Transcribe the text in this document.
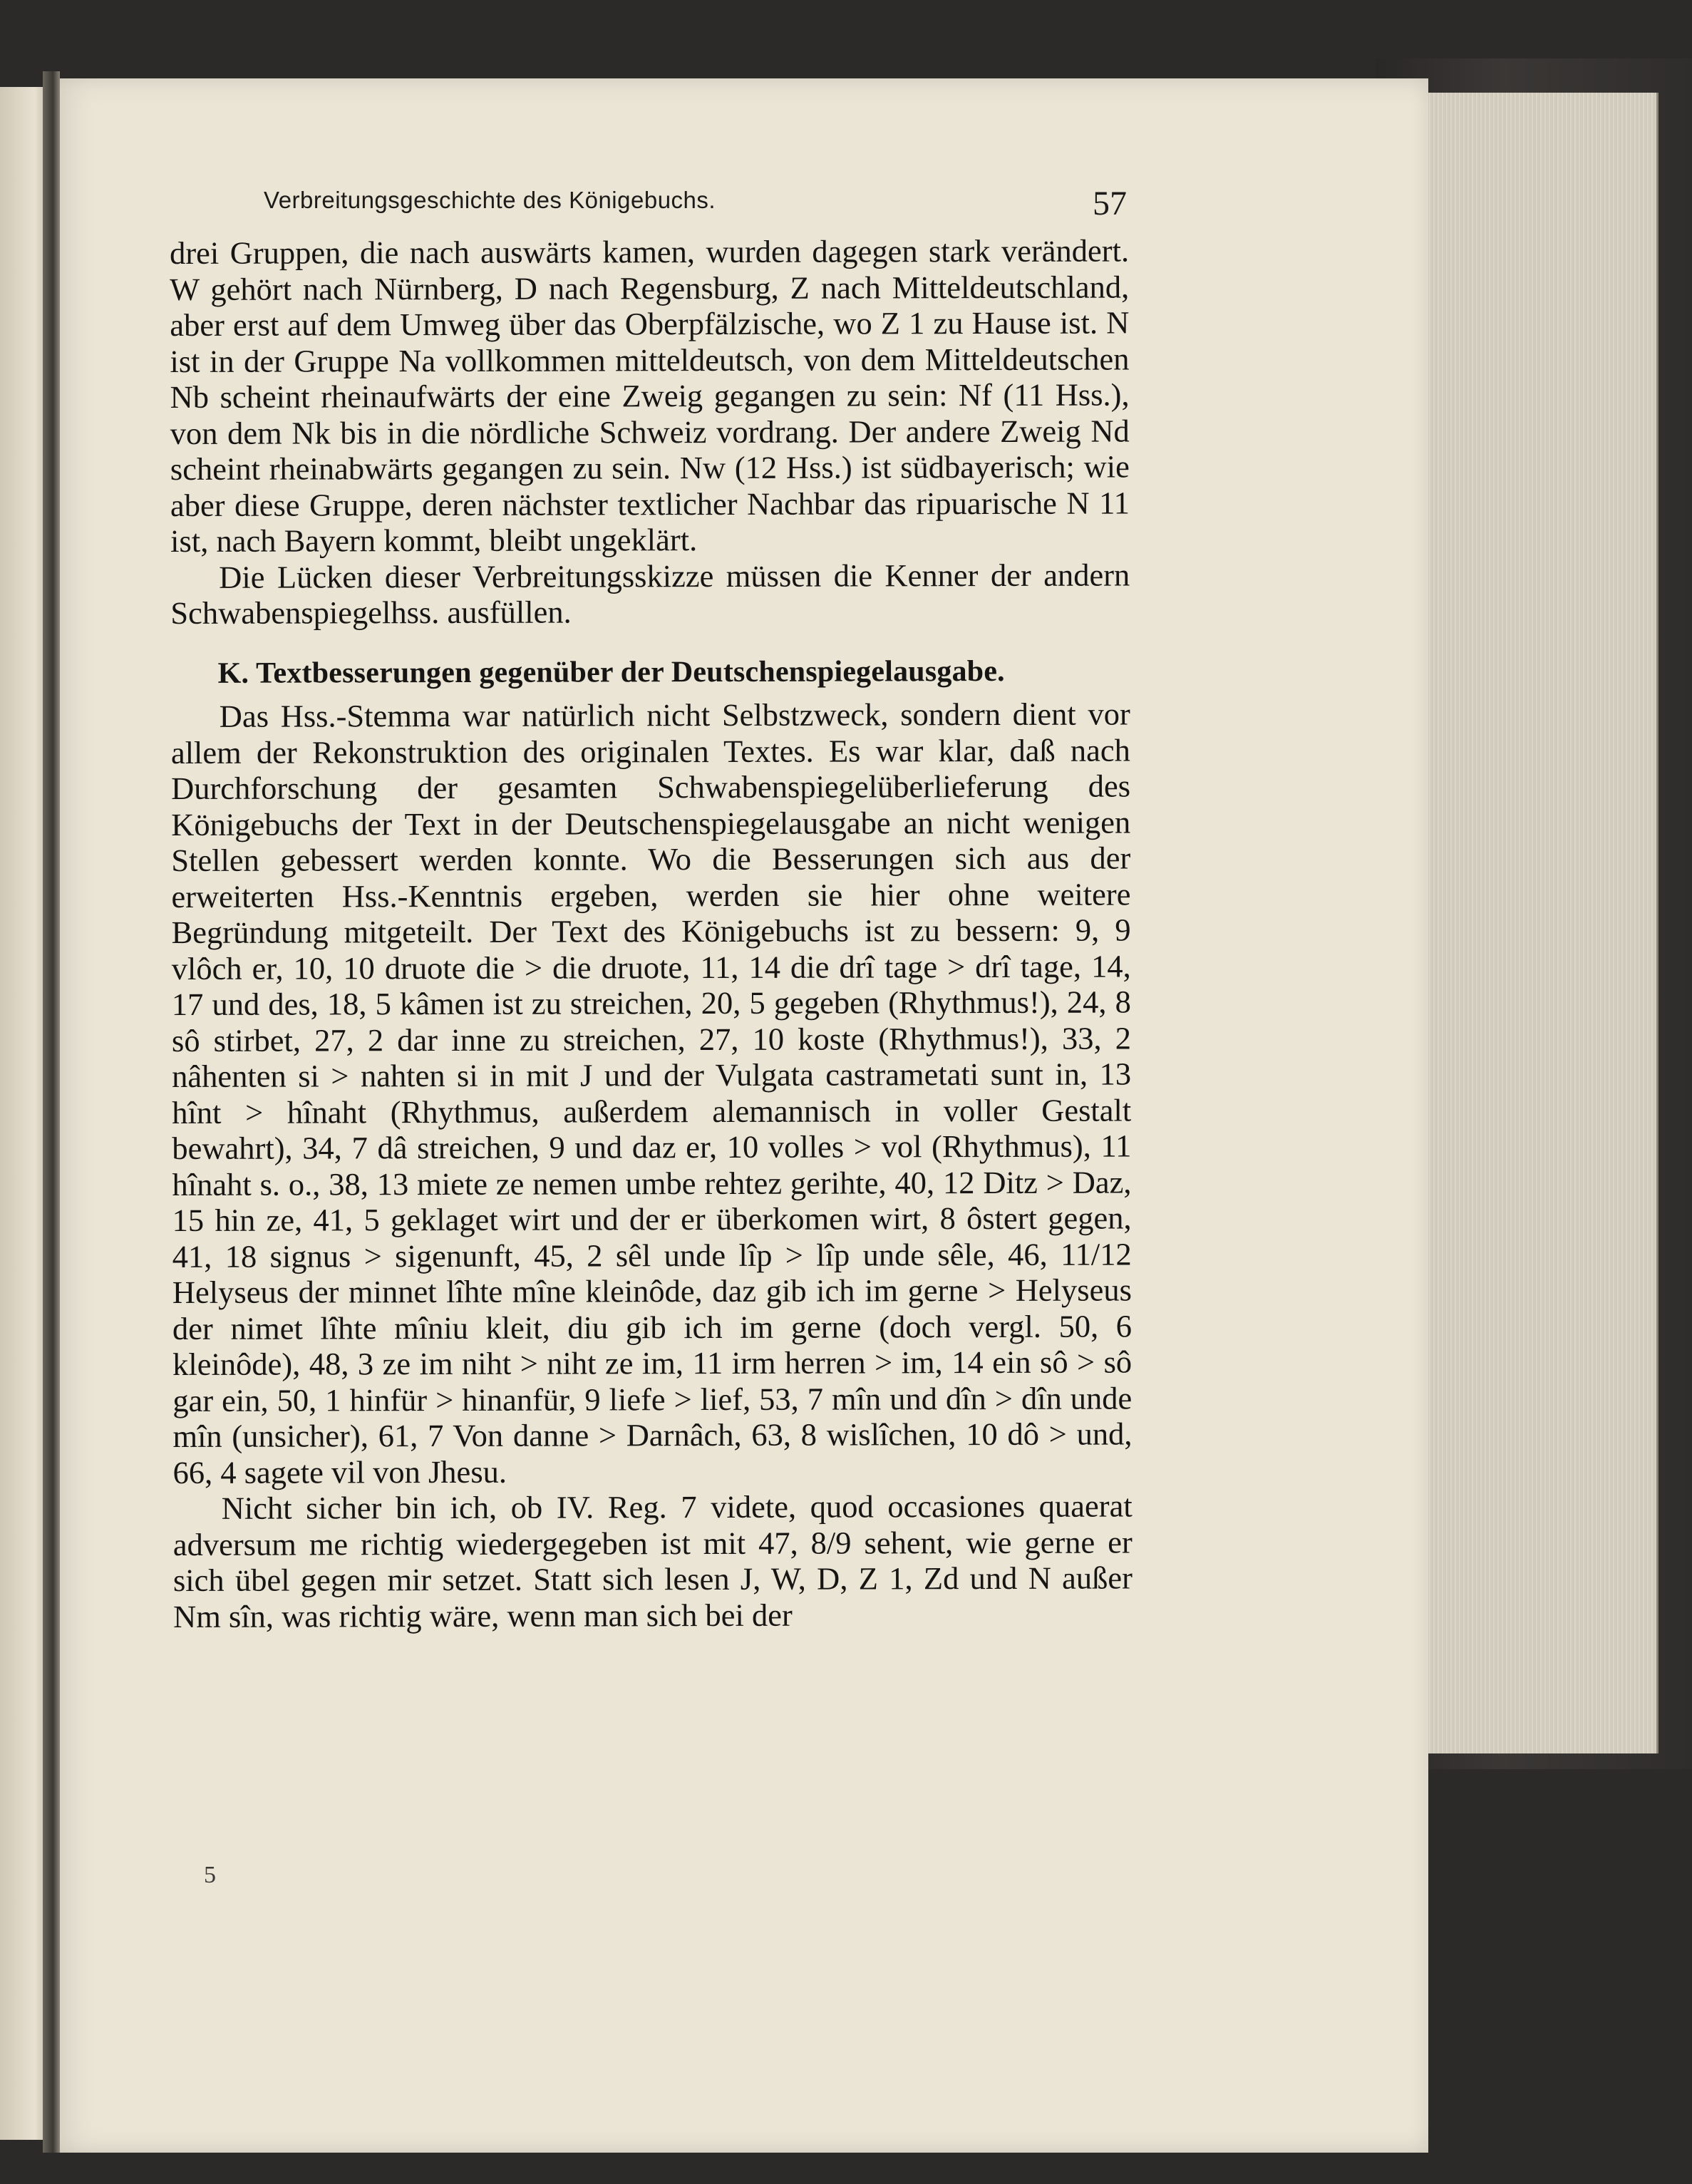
Verbreitungsgeschichte des Königebuchs.	57

drei Gruppen, die nach auswärts kamen, wurden dagegen stark verändert. W gehört nach Nürnberg, D nach Regensburg, Z nach Mitteldeutschland, aber erst auf dem Umweg über das Oberpfälzische, wo Z 1 zu Hause ist. N ist in der Gruppe Na vollkommen mitteldeutsch, von dem Mitteldeutschen Nb scheint rheinaufwärts der eine Zweig gegangen zu sein: Nf (11 Hss.), von dem Nk bis in die nördliche Schweiz vordrang. Der andere Zweig Nd scheint rheinabwärts gegangen zu sein. Nw (12 Hss.) ist südbayerisch; wie aber diese Gruppe, deren nächster textlicher Nachbar das ripuarische N 11 ist, nach Bayern kommt, bleibt ungeklärt.

Die Lücken dieser Verbreitungsskizze müssen die Kenner der andern Schwabenspiegelhss. ausfüllen.

K. Textbesserungen gegenüber der Deutschenspiegelausgabe.

Das Hss.-Stemma war natürlich nicht Selbstzweck, sondern dient vor allem der Rekonstruktion des originalen Textes. Es war klar, daß nach Durchforschung der gesamten Schwabenspiegelüberlieferung des Königebuchs der Text in der Deutschenspiegelausgabe an nicht wenigen Stellen gebessert werden konnte. Wo die Besserungen sich aus der erweiterten Hss.-Kenntnis ergeben, werden sie hier ohne weitere Begründung mitgeteilt. Der Text des Königebuchs ist zu bessern: 9, 9 vlôch er, 10, 10 druote die > die druote, 11, 14 die drî tage > drî tage, 14, 17 und des, 18, 5 kâmen ist zu streichen, 20, 5 gegeben (Rhythmus!), 24, 8 sô stirbet, 27, 2 dar inne zu streichen, 27, 10 koste (Rhythmus!), 33, 2 nâhenten si > nahten si in mit J und der Vulgata castrametati sunt in, 13 hînt > hînaht (Rhythmus, außerdem alemannisch in voller Gestalt bewahrt), 34, 7 dâ streichen, 9 und daz er, 10 volles > vol (Rhythmus), 11 hînaht s. o., 38, 13 miete ze nemen umbe rehtez gerihte, 40, 12 Ditz > Daz, 15 hin ze, 41, 5 geklaget wirt und der er überkomen wirt, 8 ôstert gegen, 41, 18 signus > sigenunft, 45, 2 sêl unde lîp > lîp unde sêle, 46, 11/12 Helyseus der minnet lîhte mîne kleinôde, daz gib ich im gerne > Helyseus der nimet lîhte mîniu kleit, diu gib ich im gerne (doch vergl. 50, 6 kleinôde), 48, 3 ze im niht > niht ze im, 11 irm herren > im, 14 ein sô > sô gar ein, 50, 1 hinfür > hinanfür, 9 liefe > lief, 53, 7 mîn und dîn > dîn unde mîn (unsicher), 61, 7 Von danne > Darnâch, 63, 8 wislîchen, 10 dô > und, 66, 4 sagete vil von Jhesu.

Nicht sicher bin ich, ob IV. Reg. 7 videte, quod occasiones quaerat adversum me richtig wiedergegeben ist mit 47, 8/9 sehent, wie gerne er sich übel gegen mir setzet. Statt sich lesen J, W, D, Z 1, Zd und N außer Nm sîn, was richtig wäre, wenn man sich bei der

5
